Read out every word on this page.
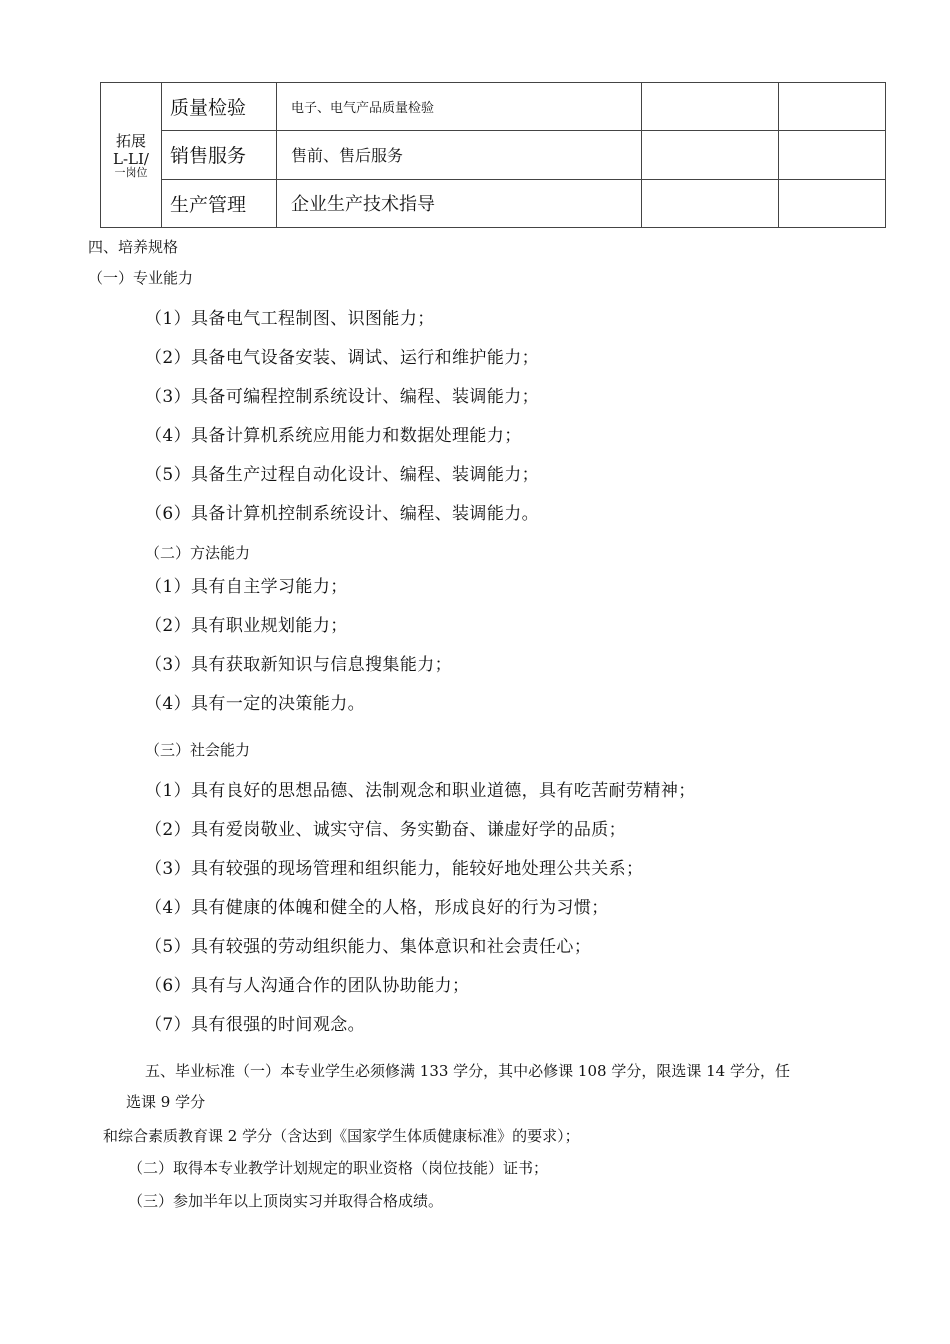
拓展
L-LI/
一岗位	质量检验	电子、电气产品质量检验		
	销售服务	售前、售后服务		
	生产管理	企业生产技术指导		
四、培养规格
（一）专业能力
（1）具备电气工程制图、识图能力；
（2）具备电气设备安装、调试、运行和维护能力；
（3）具备可编程控制系统设计、编程、装调能力；
（4）具备计算机系统应用能力和数据处理能力；
（5）具备生产过程自动化设计、编程、装调能力；
（6）具备计算机控制系统设计、编程、装调能力。
（二）方法能力
（1）具有自主学习能力；
（2）具有职业规划能力；
（3）具有获取新知识与信息搜集能力；
（4）具有一定的决策能力。
（三）社会能力
（1）具有良好的思想品德、法制观念和职业道德，具有吃苦耐劳精神；
（2）具有爱岗敬业、诚实守信、务实勤奋、谦虚好学的品质；
（3）具有较强的现场管理和组织能力，能较好地处理公共关系；
（4）具有健康的体魄和健全的人格，形成良好的行为习惯；
（5）具有较强的劳动组织能力、集体意识和社会责任心；
（6）具有与人沟通合作的团队协助能力；
（7）具有很强的时间观念。
五、毕业标准（一）本专业学生必须修满 133 学分，其中必修课 108 学分，限选课 14 学分，任
选课 9 学分
和综合素质教育课 2 学分（含达到《国家学生体质健康标准》的要求）；
（二）取得本专业教学计划规定的职业资格（岗位技能）证书；
（三）参加半年以上顶岗实习并取得合格成绩。
